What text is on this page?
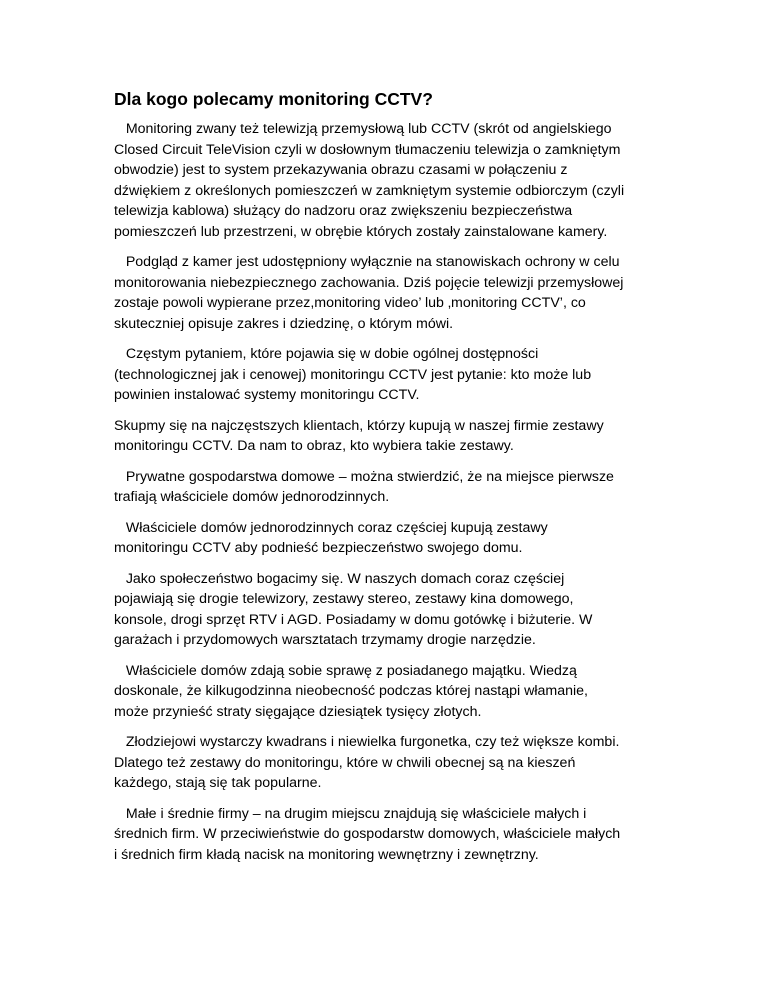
Dla kogo polecamy monitoring CCTV?

Monitoring zwany też telewizją przemysłową lub CCTV (skrót od angielskiego
Closed Circuit TeleVision czyli w dosłownym tłumaczeniu telewizja o zamkniętym
obwodzie) jest to system przekazywania obrazu czasami w połączeniu z
dźwiękiem z określonych pomieszczeń w zamkniętym systemie odbiorczym (czyli
telewizja kablowa) służący do nadzoru oraz zwiększeniu bezpieczeństwa
pomieszczeń lub przestrzeni, w obrębie których zostały zainstalowane kamery.

Podgląd z kamer jest udostępniony wyłącznie na stanowiskach ochrony w celu
monitorowania niebezpiecznego zachowania. Dziś pojęcie telewizji przemysłowej
zostaje powoli wypierane przez,monitoring video’ lub ‚monitoring CCTV’, co
skuteczniej opisuje zakres i dziedzinę, o którym mówi.

Częstym pytaniem, które pojawia się w dobie ogólnej dostępności
(technologicznej jak i cenowej) monitoringu CCTV jest pytanie: kto może lub
powinien instalować systemy monitoringu CCTV.

Skupmy się na najczęstszych klientach, którzy kupują w naszej firmie zestawy
monitoringu CCTV. Da nam to obraz, kto wybiera takie zestawy.

Prywatne gospodarstwa domowe – można stwierdzić, że na miejsce pierwsze
trafiają właściciele domów jednorodzinnych.

Właściciele domów jednorodzinnych coraz częściej kupują zestawy
monitoringu CCTV aby podnieść bezpieczeństwo swojego domu.

Jako społeczeństwo bogacimy się. W naszych domach coraz częściej
pojawiają się drogie telewizory, zestawy stereo, zestawy kina domowego,
konsole, drogi sprzęt RTV i AGD. Posiadamy w domu gotówkę i biżuterie. W
garażach i przydomowych warsztatach trzymamy drogie narzędzie.

Właściciele domów zdają sobie sprawę z posiadanego majątku. Wiedzą
doskonale, że kilkugodzinna nieobecność podczas której nastąpi włamanie,
może przynieść straty sięgające dziesiątek tysięcy złotych.

Złodziejowi wystarczy kwadrans i niewielka furgonetka, czy też większe kombi.
Dlatego też zestawy do monitoringu, które w chwili obecnej są na kieszeń
każdego, stają się tak popularne.

Małe i średnie firmy – na drugim miejscu znajdują się właściciele małych i
średnich firm. W przeciwieństwie do gospodarstw domowych, właściciele małych
i średnich firm kładą nacisk na monitoring wewnętrzny i zewnętrzny.
